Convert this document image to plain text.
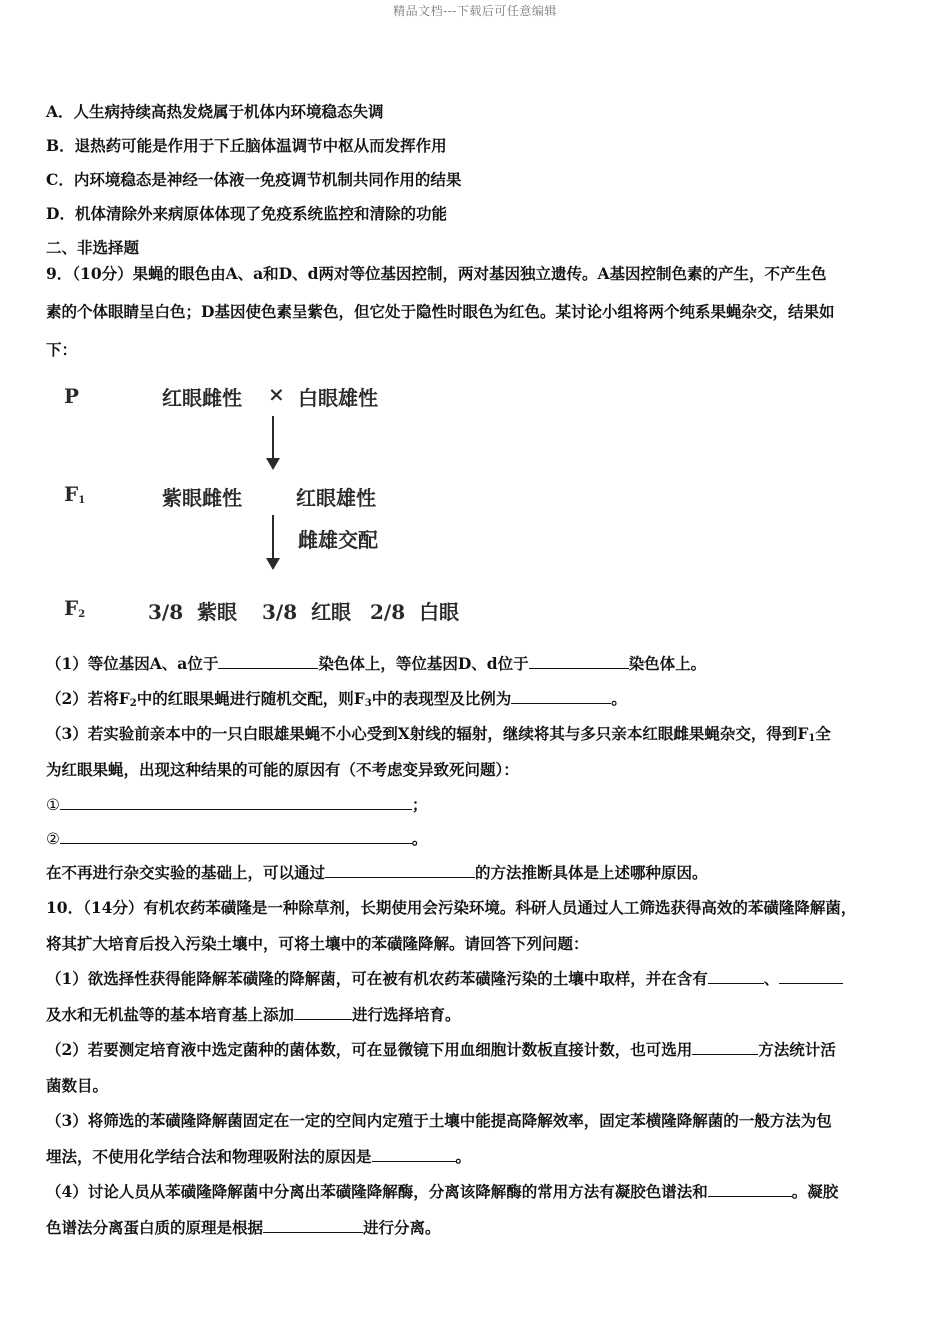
精品文档---下载后可任意编辑
A．人生病持续高热发烧属于机体内环境稳态失调
B．退热药可能是作用于下丘脑体温调节中枢从而发挥作用
C．内环境稳态是神经一体液一免疫调节机制共同作用的结果
D．机体清除外来病原体体现了免疫系统监控和清除的功能
二、非选择题
9．（10分）果蝇的眼色由A、a和D、d两对等位基因控制，两对基因独立遗传。A基因控制色素的产生，不产生色
素的个体眼睛呈白色；D基因使色素呈紫色，但它处于隐性时眼色为红色。某讨论小组将两个纯系果蝇杂交，结果如
下：
P	红眼雌性 × 白眼雄性
$F_1$	紫眼雌性	红眼雄性
雌雄交配
$F_2$	3/8  紫眼 3/8  红眼 2/8  白眼
（1）等位基因A、a位于	染色体上，等位基因D、d位于	染色体上。
（2）若将$F_2$中的红眼果蝇进行随机交配，则$F_3$中的表现型及比例为	。
（3）若实验前亲本中的一只白眼雄果蝇不小心受到X射线的辐射，继续将其与多只亲本红眼雌果蝇杂交，得到$F_1$全
为红眼果蝇，出现这种结果的可能的原因有（不考虑变异致死问题）：
①	；
②	。
在不再进行杂交实验的基础上，可以通过	的方法推断具体是上述哪种原因。
10．（14分）有机农药苯磺隆是一种除草剂，长期使用会污染环境。科研人员通过人工筛选获得高效的苯磺隆降解菌，
将其扩大培育后投入污染土壤中，可将土壤中的苯磺隆降解。请回答下列问题：
（1）欲选择性获得能降解苯磺隆的降解菌，可在被有机农药苯磺隆污染的土壤中取样，并在含有	、
及水和无机盐等的基本培育基上添加	进行选择培育。
（2）若要测定培育液中选定菌种的菌体数，可在显微镜下用血细胞计数板直接计数，也可选用	方法统计活
菌数目。
（3）将筛选的苯磺隆降解菌固定在一定的空间内定殖于土壤中能提高降解效率，固定苯横隆降解菌的一般方法为包
埋法，不使用化学结合法和物理吸附法的原因是	。
（4）讨论人员从苯磺隆降解菌中分离出苯磺隆降解酶，分离该降解酶的常用方法有凝胶色谱法和	。凝胶
色谱法分离蛋白质的原理是根据	进行分离。
